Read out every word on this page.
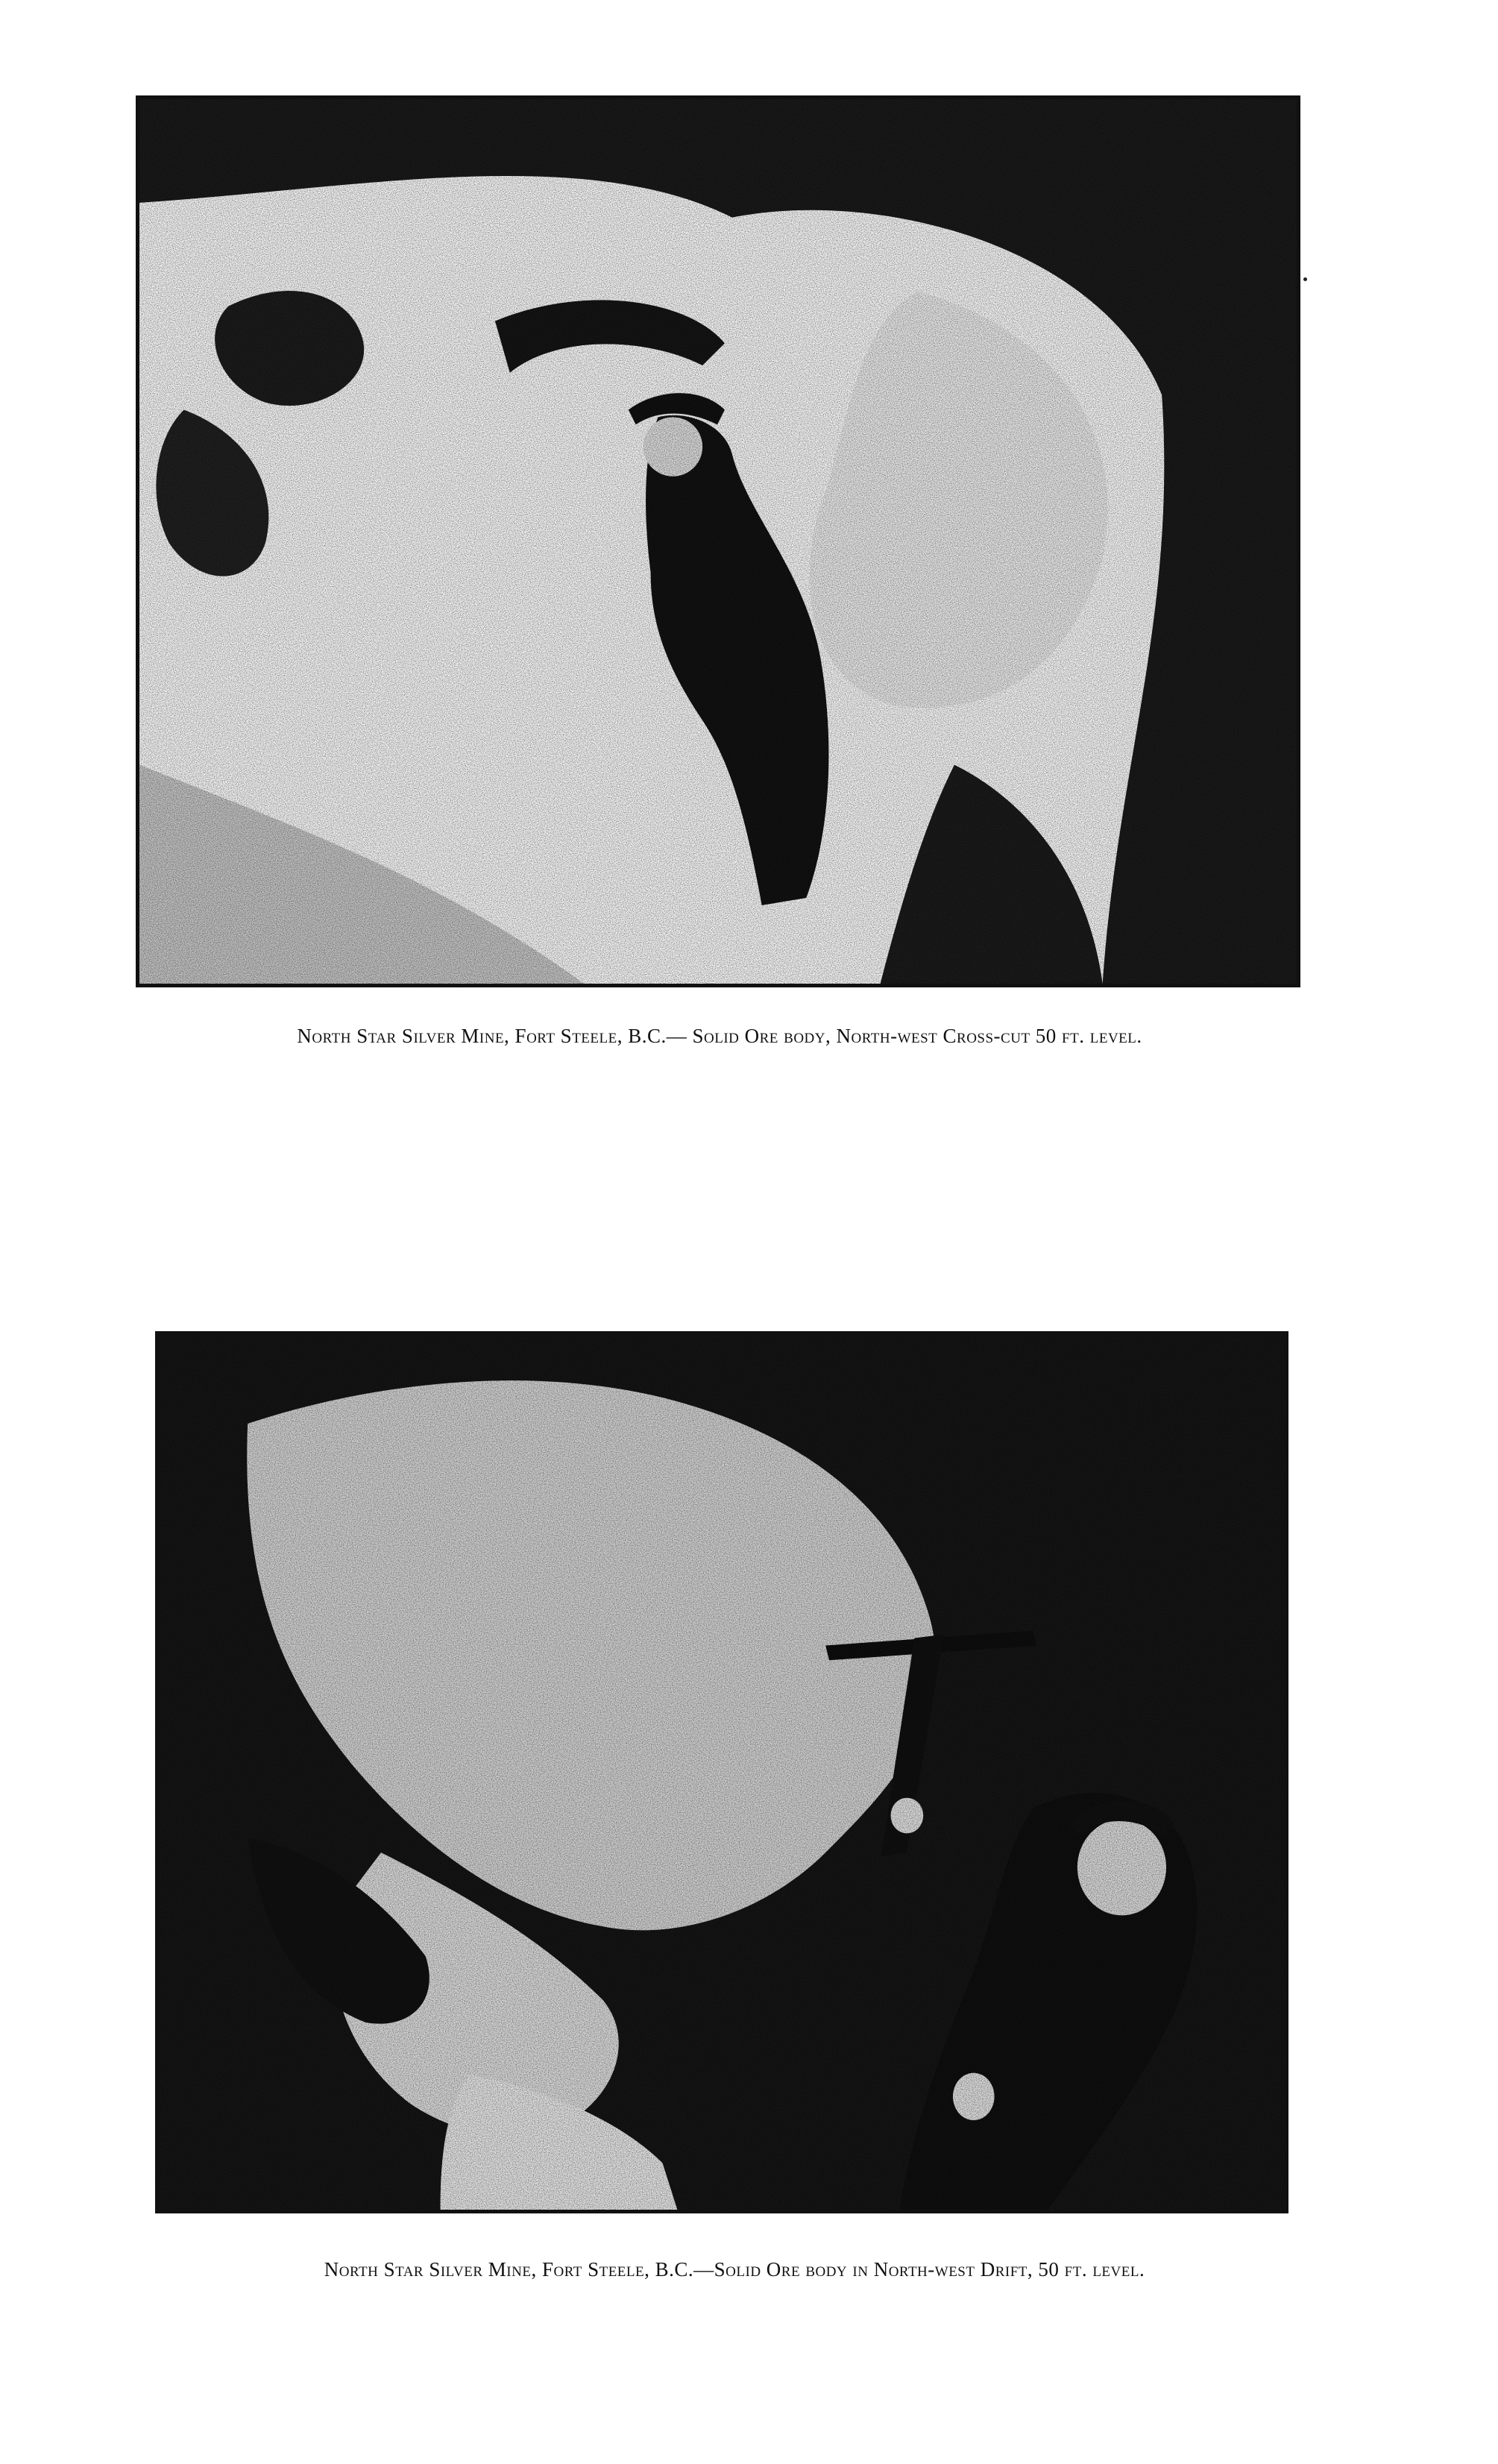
North Star Silver Mine, Fort Steele, B.C.— Solid Ore body, North-west Cross-cut 50 ft. level.
North Star Silver Mine, Fort Steele, B.C.—Solid Ore body in North-west Drift, 50 ft. level.
